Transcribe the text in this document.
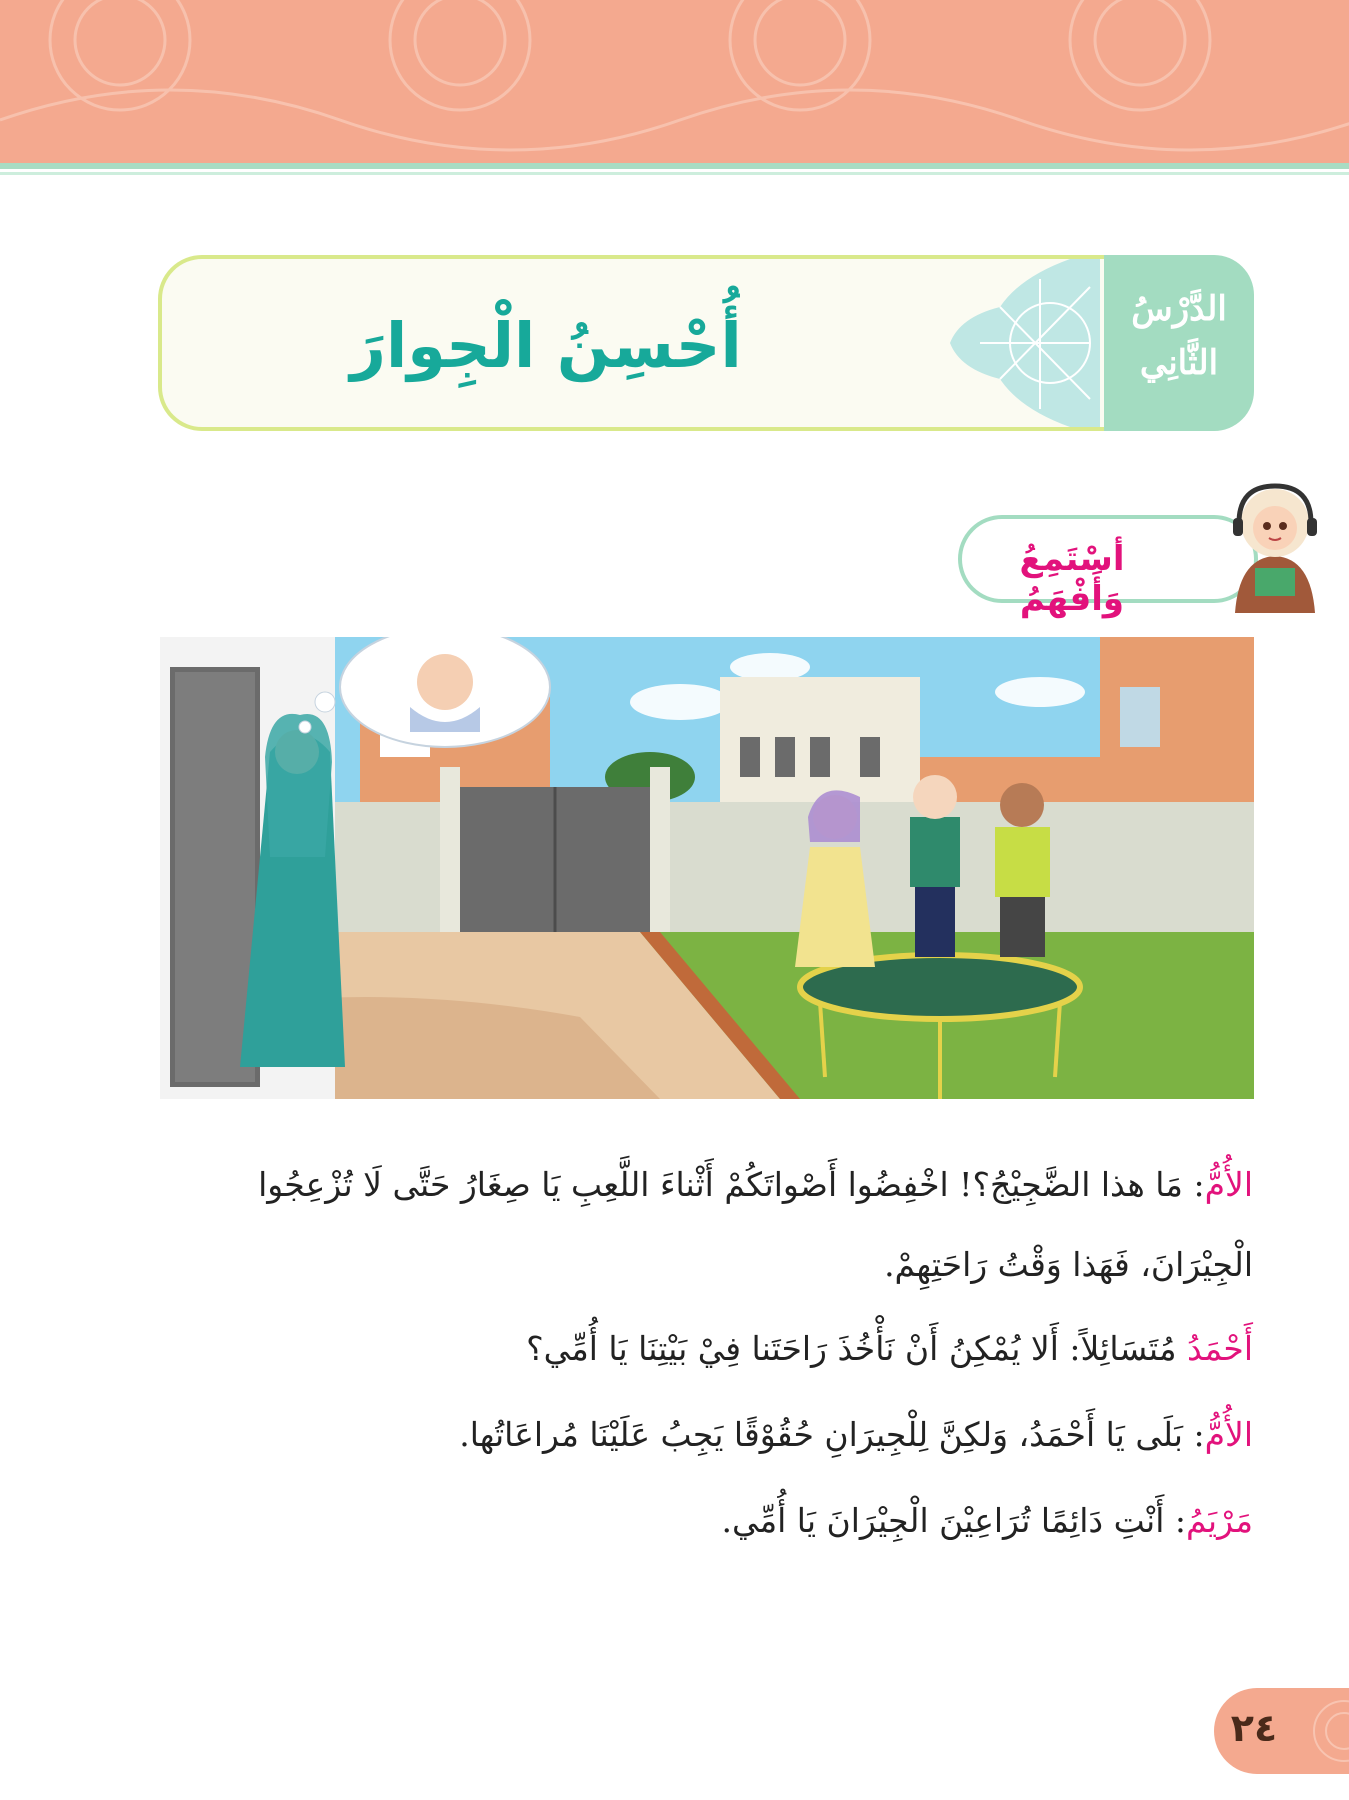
الدَّرْسُ
الثَّانِي
أُحْسِنُ الْجِوارَ
أسْتَمِعُ وَأَفْهَمُ
الأُمُّ: مَا هذا الضَّجِيْجُ؟! اخْفِضُوا أَصْواتَكُمْ أَثْناءَ اللَّعِبِ يَا صِغَارُ حَتَّى لَا تُزْعِجُوا
الْجِيْرَانَ، فَهَذا وَقْتُ رَاحَتِهِمْ.
أَحْمَدُ مُتَسَائِلاً: أَلا يُمْكِنُ أَنْ نَأْخُذَ رَاحَتَنا فِيْ بَيْتِنَا يَا أُمِّي؟
الأُمُّ: بَلَى يَا أَحْمَدُ، وَلكِنَّ لِلْجِيرَانِ حُقُوْقًا يَجِبُ عَلَيْنَا مُراعَاتُها.
مَرْيَمُ: أَنْتِ دَائِمًا تُرَاعِيْنَ الْجِيْرَانَ يَا أُمِّي.
٢٤
